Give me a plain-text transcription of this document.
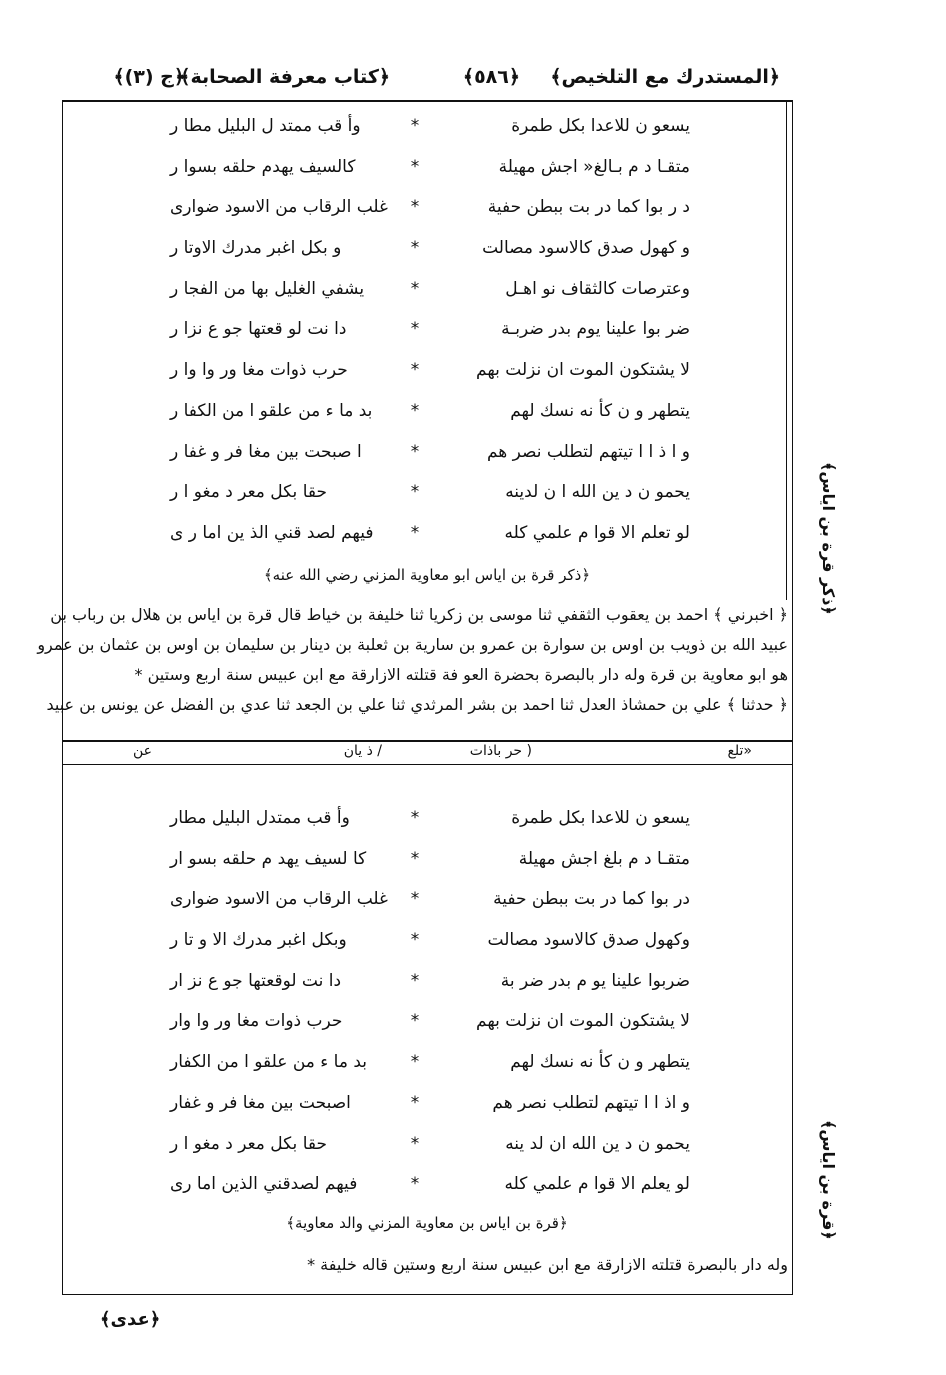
﴿المستدرك مع التلخيص﴾
﴿٥٨٦﴾
﴿كتاب معرفة الصحابة﴾
﴿ج (٣)﴾
﴿ذكر قرة بن اياس﴾
يسعو ن للاعدا بكل طمرة
*
وأ قب ممتد ل البليل مطا ر
متقـا د م بـالغ« اجش مهيلة
*
كالسيف يهدم حلقه بسوا ر
د ر بوا كما در بت ببطن حفية
*
غلب الرقاب من الاسود ضوارى
و كهول صدق كالاسود مصالت
*
و بكل اغبر مدرك الاوتا ر
وعترصات كالثقاف نو اهـل
*
يشفي الغليل بها من الفجا ر
ضر بوا علينا يوم بدر ضربـة
*
دا نت لو قعتها جو ع نزا ر
لا يشتكون الموت ان نزلت بهم
*
حرب ذوات مغا ور وا وا ر
يتطهر و ن كأ نه نسك لهم
*
بد ما ء من علقو ا من الكفا ر
و ا ذ ا ا تيتهم لتطلب نصر هم
*
ا صبحت بين مغا فر و غفا ر
يحمو ن د ين الله ا ن لدينه
*
حقا بكل معر د مغو ا ر
لو تعلم الا قوا م علمي كله
*
فيهم لصد قني الذ ين اما ر ى
﴿ذكر قرة بن اياس ابو معاوية المزني رضي الله عنه﴾
﴿ اخبرني ﴾ احمد بن يعقوب الثقفي ثنا موسى بن زكريا ثنا خليفة بن خياط قال قرة بن اياس بن هلال بن رباب بن
عبيد الله بن ذويب بن اوس بن سوارة بن عمرو بن سارية بن ثعلبة بن دينار بن سليمان بن اوس بن عثمان بن عمرو
هو ابو معاوية بن قرة وله دار بالبصرة بحضرة العو فة قتلته الازارقة مع ابن عبيس سنة اربع وستين *
﴿ حدثنا ﴾ علي بن حمشاذ العدل ثنا احمد بن بشر المرثدي ثنا علي بن الجعد ثنا عدي بن الفضل عن يونس بن عبيد
«تلع
( حر باذات
/ ذ يان
عن
﴿قرة بن اياس﴾
يسعو ن للاعدا بكل طمرة
*
وأ قب ممتدل البليل مطار
متقـا د م بلغ اجش مهيلة
*
كا لسيف يهد م حلقه بسو ار
در بوا كما در بت ببطن حفية
*
غلب الرقاب من الاسود ضوارى
وكهول صدق كالاسود مصالت
*
وبكل اغبر مدرك الا و تا ر
ضربوا علينا يو م بدر ضر بة
*
دا نت لوقعتها جو ع نز ار
لا يشتكون الموت ان نزلت بهم
*
حرب ذوات مغا ور وا وار
يتطهر و ن كأ نه نسك لهم
*
بد ما ء من علقو ا من الكفار
و اذ ا ا تيتهم لتطلب نصر هم
*
اصبحت بين مغا فر و غفار
يحمو ن د ين الله ان لد ينه
*
حقا بكل معر د مغو ا ر
لو يعلم الا قوا م علمي كله
*
فيهم لصدقني الذين اما رى
﴿قرة بن اياس بن معاوية المزني والد معاوية﴾
وله دار بالبصرة قتلته الازارقة مع ابن عبيس سنة اربع وستين قاله خليفة *
﴿عدى﴾
